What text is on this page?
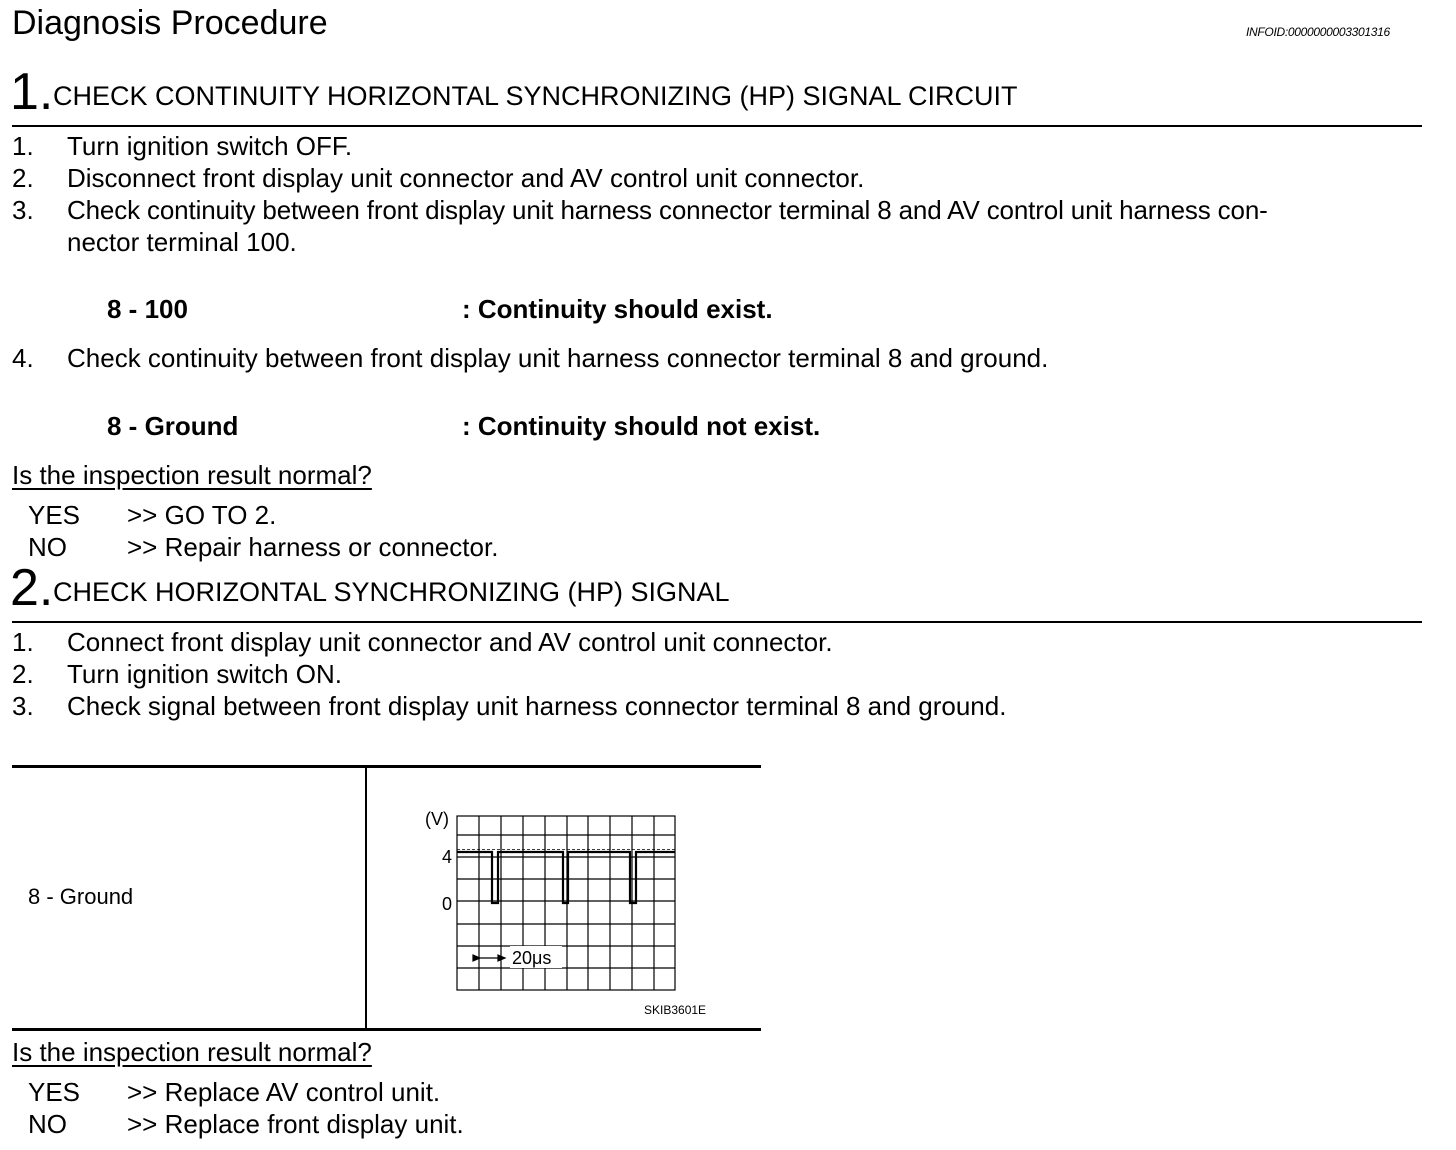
Diagnosis Procedure	INFOID:0000000003301316
1. CHECK CONTINUITY HORIZONTAL SYNCHRONIZING (HP) SIGNAL CIRCUIT
1. Turn ignition switch OFF.
2. Disconnect front display unit connector and AV control unit connector.
3. Check continuity between front display unit harness connector terminal 8 and AV control unit harness con-
nector terminal 100.
8 - 100	: Continuity should exist.
4. Check continuity between front display unit harness connector terminal 8 and ground.
8 - Ground	: Continuity should not exist.
Is the inspection result normal?
YES >> GO TO 2.
NO >> Repair harness or connector.
2. CHECK HORIZONTAL SYNCHRONIZING (HP) SIGNAL
1. Connect front display unit connector and AV control unit connector.
2. Turn ignition switch ON.
3. Check signal between front display unit harness connector terminal 8 and ground.
8 - Ground
(V)
4
0
20μs
SKIB3601E
Is the inspection result normal?
YES >> Replace AV control unit.
NO >> Replace front display unit.
